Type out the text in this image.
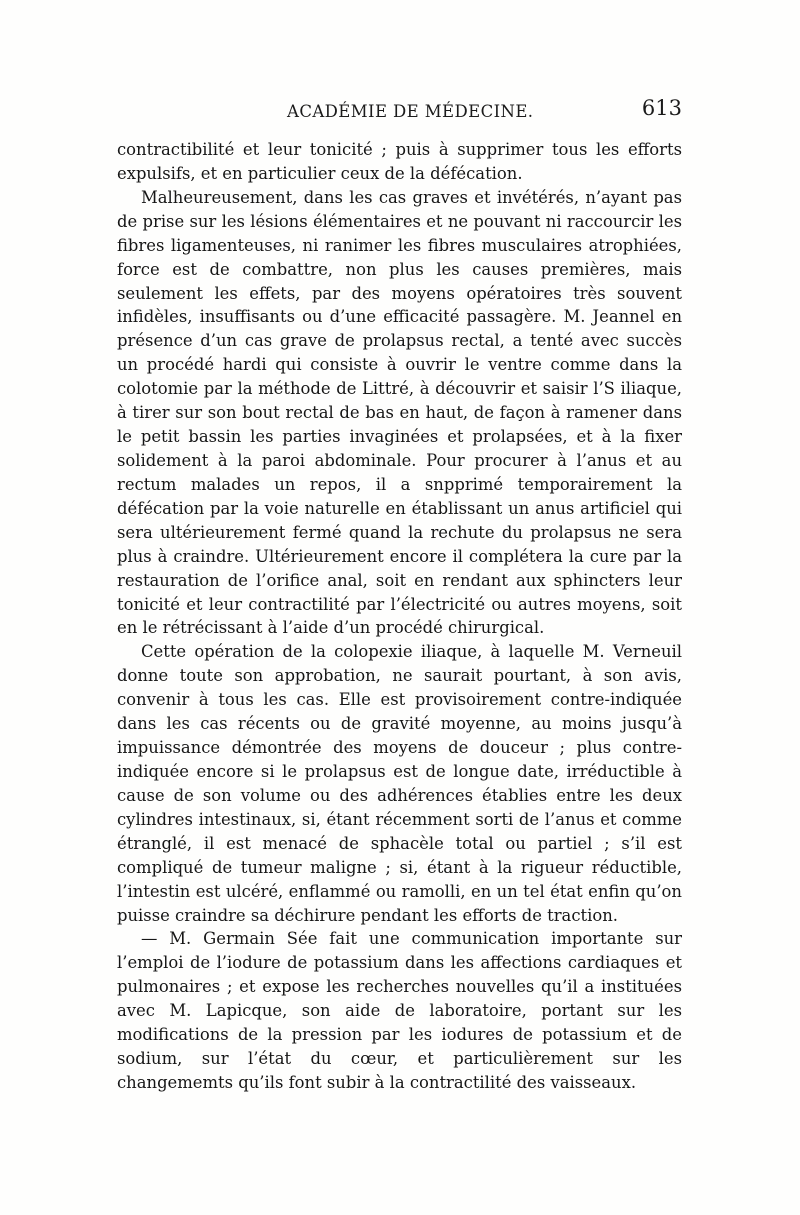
ACADÉMIE DE MÉDECINE.	613

contractibilité et leur tonicité ; puis à supprimer tous les efforts expulsifs, et en particulier ceux de la défécation.

Malheureusement, dans les cas graves et invétérés, n’ayant pas de prise sur les lésions élémentaires et ne pouvant ni raccourcir les fibres ligamenteuses, ni ranimer les fibres musculaires atrophiées, force est de combattre, non plus les causes premières, mais seulement les effets, par des moyens opératoires très souvent infidèles, insuffisants ou d’une efficacité passagère. M. Jeannel en présence d’un cas grave de prolapsus rectal, a tenté avec succès un procédé hardi qui consiste à ouvrir le ventre comme dans la colotomie par la méthode de Littré, à découvrir et saisir l’S iliaque, à tirer sur son bout rectal de bas en haut, de façon à ramener dans le petit bassin les parties invaginées et prolapsées, et à la fixer solidement à la paroi abdominale. Pour procurer à l’anus et au rectum malades un repos, il a snpprimé temporairement la défécation par la voie naturelle en établissant un anus artificiel qui sera ultérieurement fermé quand la rechute du prolapsus ne sera plus à craindre. Ultérieurement encore il complétera la cure par la restauration de l’orifice anal, soit en rendant aux sphincters leur tonicité et leur contractilité par l’électricité ou autres moyens, soit en le rétrécissant à l’aide d’un procédé chirurgical.

Cette opération de la colopexie iliaque, à laquelle M. Verneuil donne toute son approbation, ne saurait pourtant, à son avis, convenir à tous les cas. Elle est provisoirement contre-indiquée dans les cas récents ou de gravité moyenne, au moins jusqu’à impuissance démontrée des moyens de douceur ; plus contre-indiquée encore si le prolapsus est de longue date, irréductible à cause de son volume ou des adhérences établies entre les deux cylindres intestinaux, si, étant récemment sorti de l’anus et comme étranglé, il est menacé de sphacèle total ou partiel ; s’il est compliqué de tumeur maligne ; si, étant à la rigueur réductible, l’intestin est ulcéré, enflammé ou ramolli, en un tel état enfin qu’on puisse craindre sa déchirure pendant les efforts de traction.

— M. Germain Sée fait une communication importante sur l’emploi de l’iodure de potassium dans les affections cardiaques et pulmonaires ; et expose les recherches nouvelles qu’il a instituées avec M. Lapicque, son aide de laboratoire, portant sur les modifications de la pression par les iodures de potassium et de sodium, sur l’état du cœur, et particulièrement sur les changememts qu’ils font subir à la contractilité des vaisseaux.
